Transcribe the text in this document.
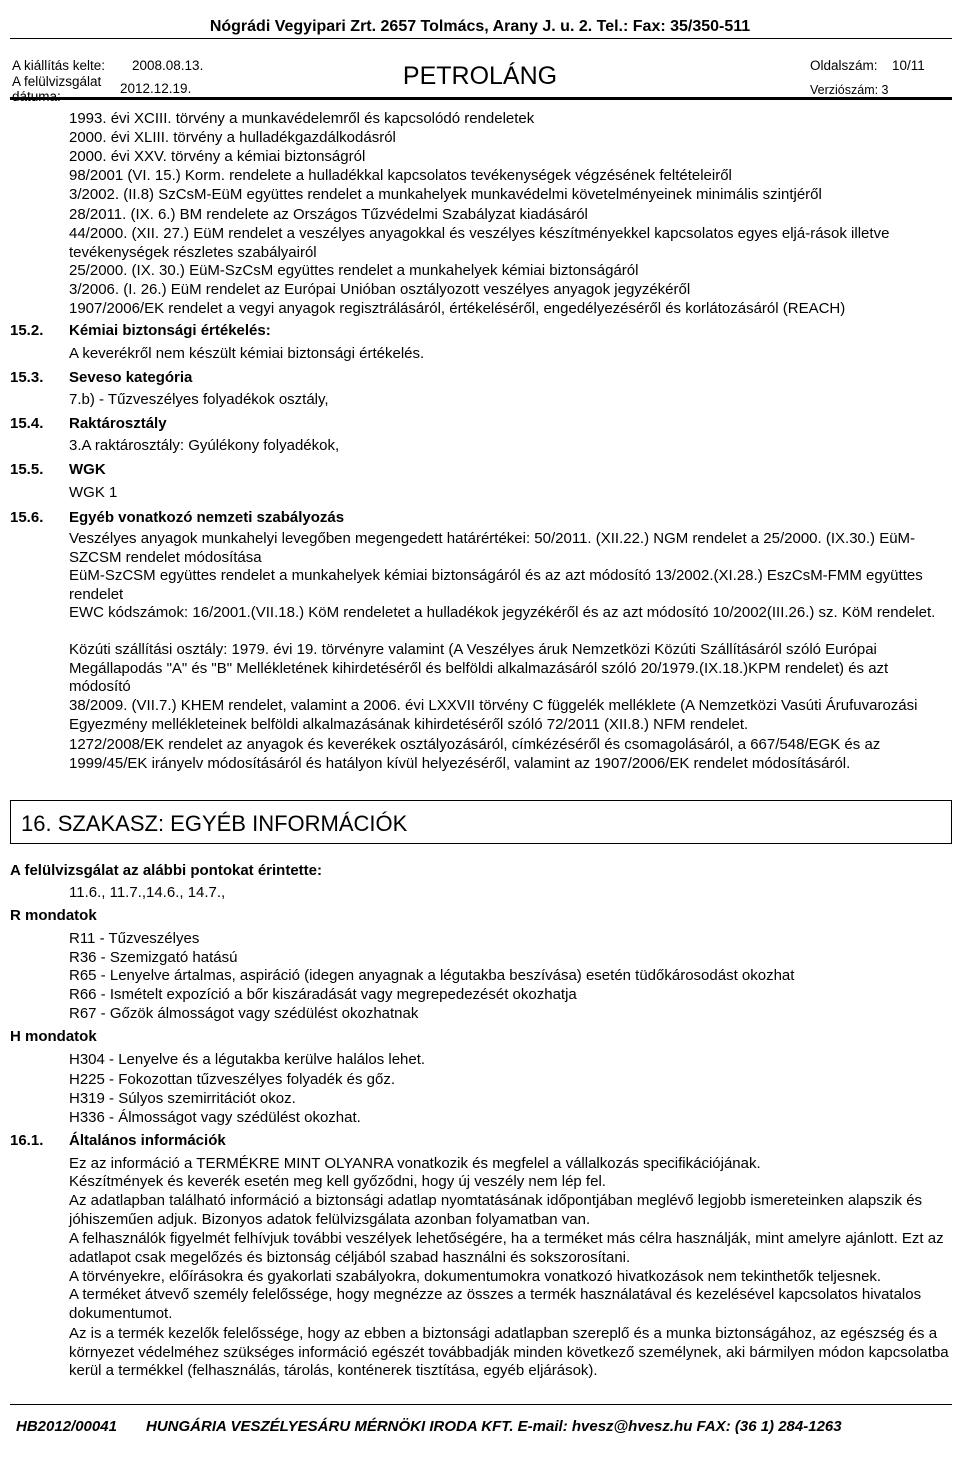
Nógrádi Vegyipari Zrt. 2657 Tolmács, Arany J. u. 2. Tel.: Fax: 35/350-511
A kiállítás kelte: 2008.08.13.
A felülvizsgálat
dátuma:
2012.12.19.	PETROLÁNG	Oldalszám: 10/11
Verziószám: 3
1993. évi XCIII. törvény a munkavédelemről és kapcsolódó rendeletek
2000. évi XLIII. törvény a hulladékgazdálkodásról
2000. évi XXV. törvény a kémiai biztonságról
98/2001 (VI. 15.) Korm. rendelete a hulladékkal kapcsolatos tevékenységek végzésének feltételeiről
3/2002. (II.8) SzCsM-EüM együttes rendelet a munkahelyek munkavédelmi követelményeinek minimális szintjéről
28/2011. (IX. 6.) BM rendelete az Országos Tűzvédelmi Szabályzat kiadásáról
44/2000. (XII. 27.) EüM rendelet a veszélyes anyagokkal és veszélyes készítményekkel kapcsolatos egyes eljá-rások illetve tevékenységek részletes szabályairól
25/2000. (IX. 30.) EüM-SzCsM együttes rendelet a munkahelyek kémiai biztonságáról
3/2006. (I. 26.) EüM rendelet az Európai Unióban osztályozott veszélyes anyagok jegyzékéről
1907/2006/EK rendelet a vegyi anyagok regisztrálásáról, értékeléséről, engedélyezéséről és korlátozásáról (REACH)
15.2. Kémiai biztonsági értékelés:
A keverékről nem készült kémiai biztonsági értékelés.
15.3. Seveso kategória
7.b) - Tűzveszélyes folyadékok osztály,
15.4. Raktárosztály
3.A raktárosztály: Gyúlékony folyadékok,
15.5. WGK
WGK 1
15.6. Egyéb vonatkozó nemzeti szabályozás
Veszélyes anyagok munkahelyi levegőben megengedett határértékei: 50/2011. (XII.22.) NGM rendelet a 25/2000. (IX.30.) EüM-SZCSM rendelet módosítása
EüM-SzCSM együttes rendelet a munkahelyek kémiai biztonságáról és az azt módosító 13/2002.(XI.28.) EszCsM-FMM együttes rendelet
EWC kódszámok: 16/2001.(VII.18.) KöM rendeletet a hulladékok jegyzékéről és az azt módosító 10/2002(III.26.) sz. KöM rendelet.
Közúti szállítási osztály: 1979. évi 19. törvényre valamint (A Veszélyes áruk Nemzetközi Közúti Szállításáról szóló Európai Megállapodás "A" és "B" Mellékletének kihirdetéséről és belföldi alkalmazásáról szóló 20/1979.(IX.18.)KPM rendelet) és azt módosító
38/2009. (VII.7.) KHEM rendelet, valamint a 2006. évi LXXVII törvény C függelék melléklete (A Nemzetközi Vasúti Árufuvarozási Egyezmény mellékleteinek belföldi alkalmazásának kihirdetéséről szóló 72/2011 (XII.8.) NFM rendelet.
1272/2008/EK rendelet az anyagok és keverékek osztályozásáról, címkézéséről és csomagolásáról, a 667/548/EGK és az 1999/45/EK irányelv módosításáról és hatályon kívül helyezéséről, valamint az 1907/2006/EK rendelet módosításáról.
16. SZAKASZ: EGYÉB INFORMÁCIÓK
A felülvizsgálat az alábbi pontokat érintette:
11.6., 11.7.,14.6., 14.7.,
R mondatok
R11 - Tűzveszélyes
R36 - Szemizgató hatású
R65 - Lenyelve ártalmas, aspiráció (idegen anyagnak a légutakba beszívása) esetén tüdőkárosodást okozhat
R66 - Ismételt expozíció a bőr kiszáradását vagy megrepedezését okozhatja
R67 - Gőzök álmosságot vagy szédülést okozhatnak
H mondatok
H304 - Lenyelve és a légutakba kerülve halálos lehet.
H225 - Fokozottan tűzveszélyes folyadék és gőz.
H319 - Súlyos szemirritációt okoz.
H336 - Álmosságot vagy szédülést okozhat.
16.1. Általános információk
Ez az információ a TERMÉKRE MINT OLYANRA vonatkozik és megfelel a vállalkozás specifikációjának.
Készítmények és keverék esetén meg kell győződni, hogy új veszély nem lép fel.
Az adatlapban található információ a biztonsági adatlap nyomtatásának időpontjában meglévő legjobb ismereteinken alapszik és jóhiszeműen adjuk. Bizonyos adatok felülvizsgálata azonban folyamatban van.
A felhasználók figyelmét felhívjuk további veszélyek lehetőségére, ha a terméket más célra használják, mint amelyre ajánlott. Ezt az adatlapot csak megelőzés és biztonság céljából szabad használni és sokszorosítani.
A törvényekre, előírásokra és gyakorlati szabályokra, dokumentumokra vonatkozó hivatkozások nem tekinthetők teljesnek.
A terméket átvevő személy felelőssége, hogy megnézze az összes a termék használatával és kezelésével kapcsolatos hivatalos dokumentumot.
Az is a termék kezelők felelőssége, hogy az ebben a biztonsági adatlapban szereplő és a munka biztonságához, az egészség és a környezet védelméhez szükséges információ egészét továbbadják minden következő személynek, aki bármilyen módon kapcsolatba kerül a termékkel (felhasználás, tárolás, konténerek tisztítása, egyéb eljárások).
HB2012/00041 HUNGÁRIA VESZÉLYESÁRU MÉRNÖKI IRODA KFT. E-mail: hvesz@hvesz.hu FAX: (36 1) 284-1263
